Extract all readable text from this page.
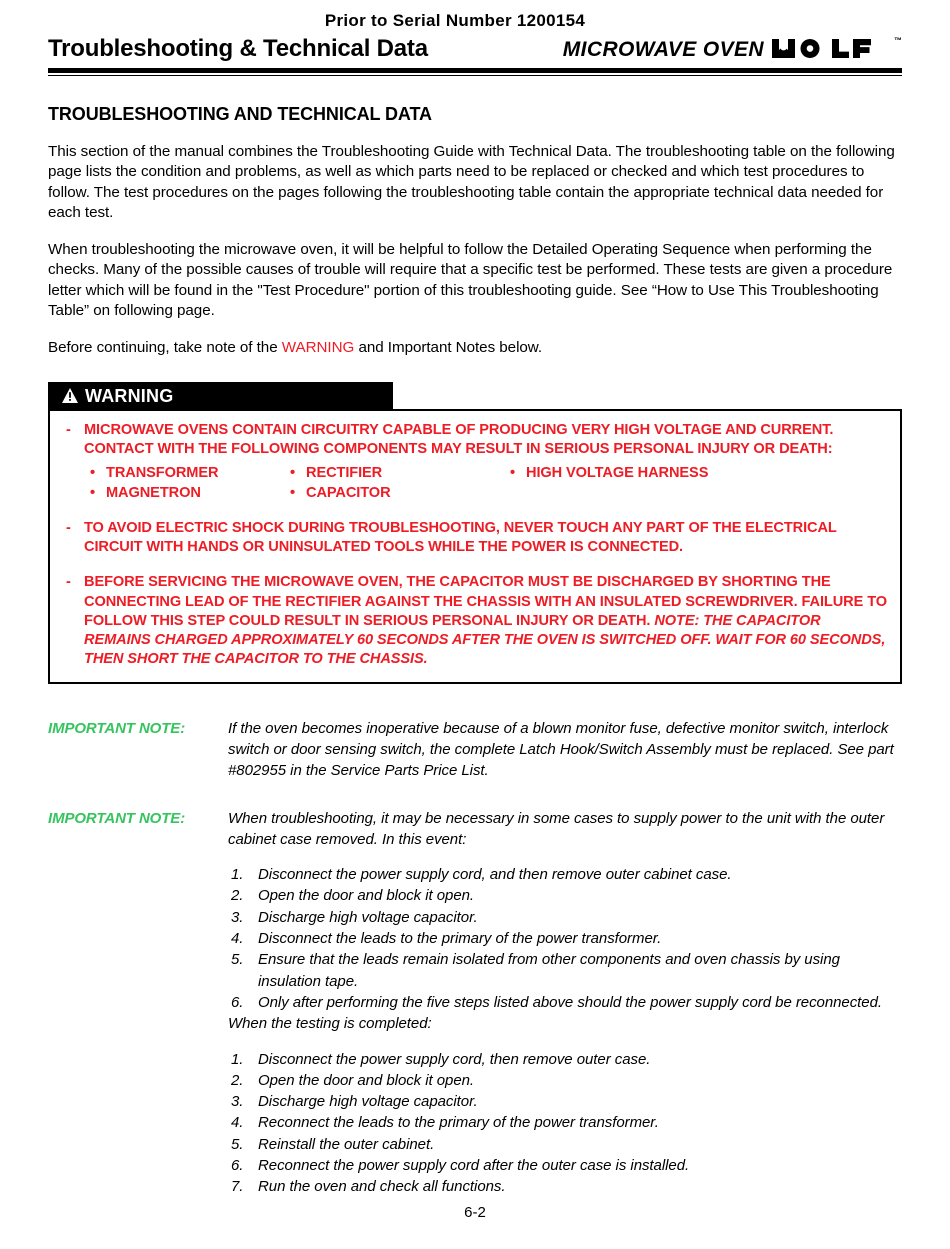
Prior to Serial Number 1200154
Troubleshooting & Technical Data	MICROWAVE OVEN	™
TROUBLESHOOTING AND TECHNICAL DATA

This section of the manual combines the Troubleshooting Guide with Technical Data. The troubleshooting table on the following page lists the condition and problems, as well as which parts need to be replaced or checked and which test procedures to follow. The test procedures on the pages following the troubleshooting table contain the appropriate technical data needed for each test.

When troubleshooting the microwave oven, it will be helpful to follow the Detailed Operating Sequence when performing the checks. Many of the possible causes of trouble will require that a specific test be performed. These tests are given a procedure letter which will be found in the "Test Procedure" portion of this troubleshooting guide. See “How to Use This Troubleshooting Table” on following page.

Before continuing, take note of the WARNING and Important Notes below.

WARNING
- MICROWAVE OVENS CONTAIN CIRCUITRY CAPABLE OF PRODUCING VERY HIGH VOLTAGE AND CURRENT. CONTACT WITH THE FOLLOWING COMPONENTS MAY RESULT IN SERIOUS PERSONAL INJURY OR DEATH:
• TRANSFORMER	• RECTIFIER	• HIGH VOLTAGE HARNESS
• MAGNETRON	• CAPACITOR
- TO AVOID ELECTRIC SHOCK DURING TROUBLESHOOTING, NEVER TOUCH ANY PART OF THE ELECTRICAL CIRCUIT WITH HANDS OR UNINSULATED TOOLS WHILE THE POWER IS CONNECTED.
- BEFORE SERVICING THE MICROWAVE OVEN, THE CAPACITOR MUST BE DISCHARGED BY SHORTING THE CONNECTING LEAD OF THE RECTIFIER AGAINST THE CHASSIS WITH AN INSULATED SCREWDRIVER. FAILURE TO FOLLOW THIS STEP COULD RESULT IN SERIOUS PERSONAL INJURY OR DEATH. NOTE: THE CAPACITOR REMAINS CHARGED APPROXIMATELY 60 SECONDS AFTER THE OVEN IS SWITCHED OFF. WAIT FOR 60 SECONDS, THEN SHORT THE CAPACITOR TO THE CHASSIS.
IMPORTANT NOTE:	If the oven becomes inoperative because of a blown monitor fuse, defective monitor switch, interlock switch or door sensing switch, the complete Latch Hook/Switch Assembly must be replaced. See part #802955 in the Service Parts Price List.

IMPORTANT NOTE:	When troubleshooting, it may be necessary in some cases to supply power to the unit with the outer cabinet case removed. In this event:

1. Disconnect the power supply cord, and then remove outer cabinet case.
2. Open the door and block it open.
3. Discharge high voltage capacitor.
4. Disconnect the leads to the primary of the power transformer.
5. Ensure that the leads remain isolated from other components and oven chassis by using insulation tape.
6. Only after performing the five steps listed above should the power supply cord be reconnected.

When the testing is completed:

1. Disconnect the power supply cord, then remove outer case.
2. Open the door and block it open.
3. Discharge high voltage capacitor.
4. Reconnect the leads to the primary of the power transformer.
5. Reinstall the outer cabinet.
6. Reconnect the power supply cord after the outer case is installed.
7. Run the oven and check all functions.
6-2
